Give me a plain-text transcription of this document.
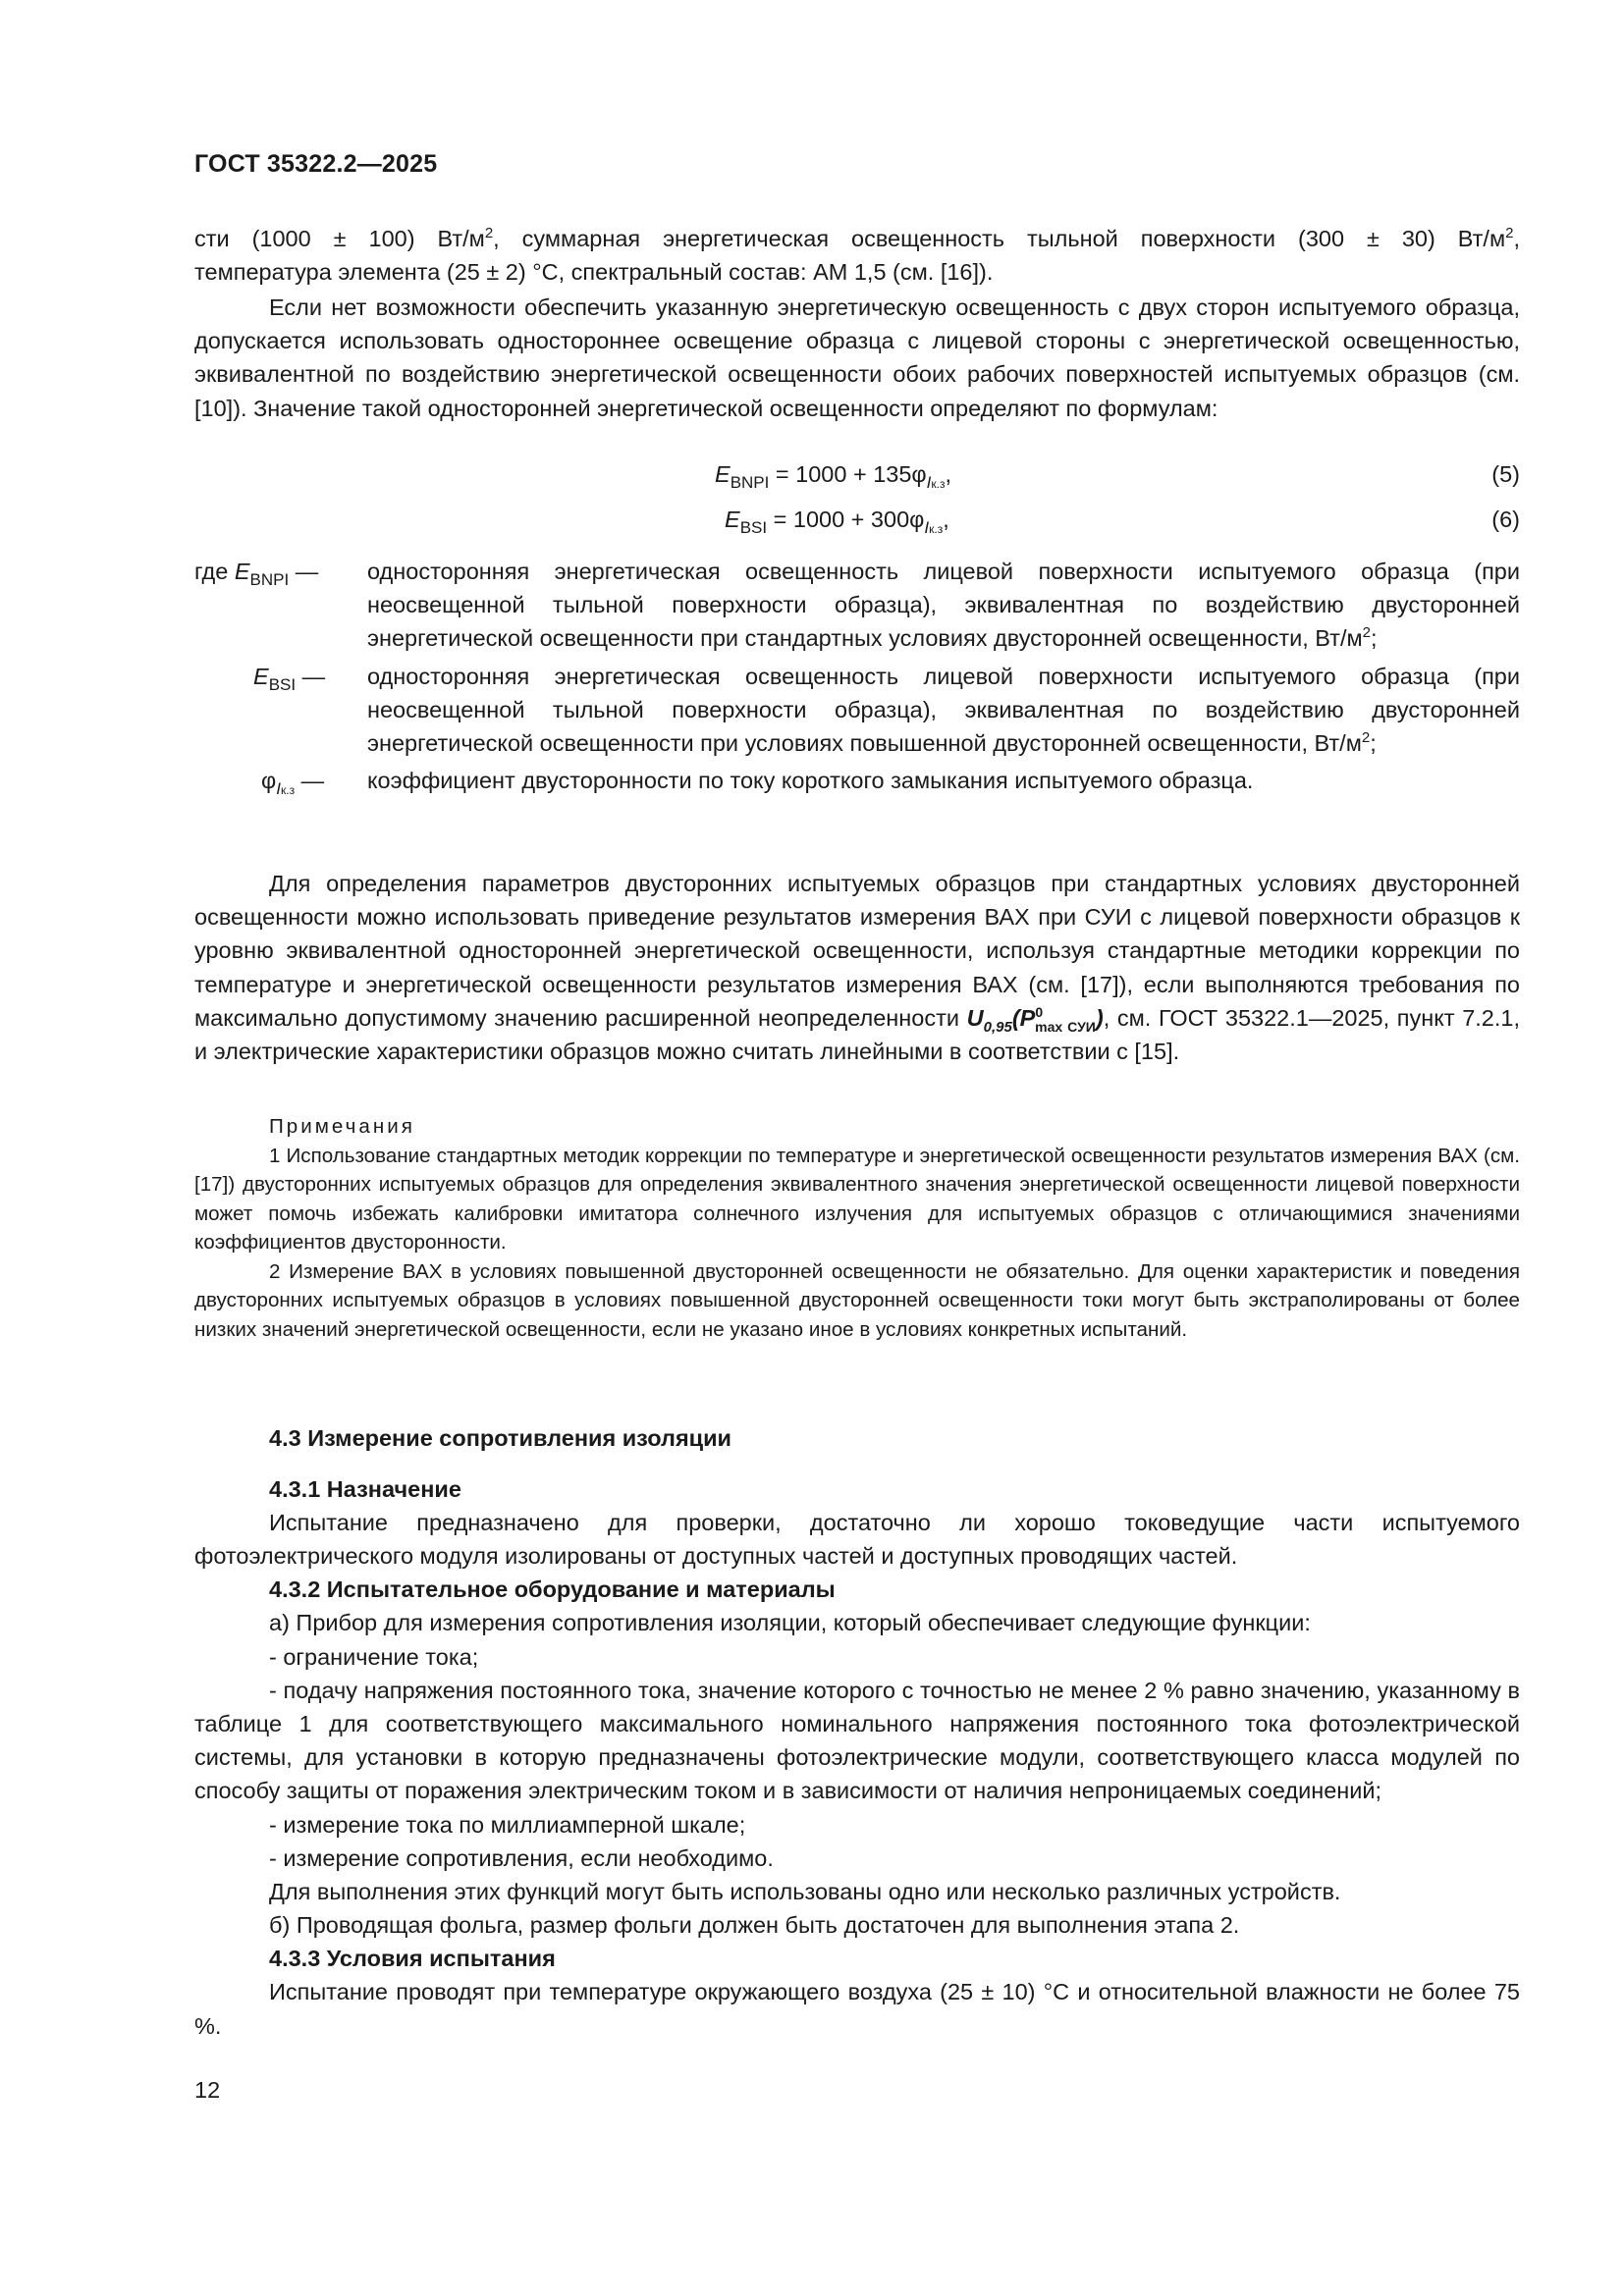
ГОСТ 35322.2—2025

сти (1000 ± 100) $Вт/м^2$, суммарная энергетическая освещенность тыльной поверхности (300 ± 30) $Вт/м^2$,

температура элемента (25 ± 2) °С, спектральный состав: АМ 1,5 (см. [16]).

Если нет возможности обеспечить указанную энергетическую освещенность с двух сторон испытуемого образца, допускается использовать одностороннее освещение образца с лицевой стороны с энергетической освещенностью, эквивалентной по воздействию энергетической освещенности обоих рабочих поверхностей испытуемых образцов (см. [10]). Значение такой односторонней энергетической освещенности определяют по формулам:

$E_{BNPI} = 1000 + 135\varphi_{Iк.з}$,	(5)
$E_{BSI} = 1000 + 300\varphi_{Iк.з}$,	(6)
где $E_{BNPI}$ — односторонняя энергетическая освещенность лицевой поверхности испытуемого образца (при неосвещенной тыльной поверхности образца), эквивалентная по воздействию двусторонней энергетической освещенности при стандартных условиях двусторонней освещенности, $Вт/м^2$;
$E_{BSI}$ — односторонняя энергетическая освещенность лицевой поверхности испытуемого образца (при неосвещенной тыльной поверхности образца), эквивалентная по воздействию двусторонней энергетической освещенности при условиях повышенной двусторонней освещенности, $Вт/м^2$;
$\varphi_{Iк.з}$ — коэффициент двусторонности по току короткого замыкания испытуемого образца.

Для определения параметров двусторонних испытуемых образцов при стандартных условиях двусторонней освещенности можно использовать приведение результатов измерения ВАХ при СУИ с лицевой поверхности образцов к уровню эквивалентной односторонней энергетической освещенности, используя стандартные методики коррекции по температуре и энергетической освещенности результатов измерения ВАХ (см. [17]), если выполняются требования по максимально допустимому значению расширенной неопределенности $U_{0,95}(P^0_{max СУИ})$, см. ГОСТ 35322.1—2025, пункт 7.2.1, и электрические характеристики образцов можно считать линейными в соответствии с [15].

Примечания

1 Использование стандартных методик коррекции по температуре и энергетической освещенности результатов измерения ВАХ (см. [17]) двусторонних испытуемых образцов для определения эквивалентного значения энергетической освещенности лицевой поверхности может помочь избежать калибровки имитатора солнечного излучения для испытуемых образцов с отличающимися значениями коэффициентов двусторонности.

2 Измерение ВАХ в условиях повышенной двусторонней освещенности не обязательно. Для оценки характеристик и поведения двусторонних испытуемых образцов в условиях повышенной двусторонней освещенности токи могут быть экстраполированы от более низких значений энергетической освещенности, если не указано иное в условиях конкретных испытаний.

4.3 Измерение сопротивления изоляции

4.3.1 Назначение

Испытание предназначено для проверки, достаточно ли хорошо токоведущие части испытуемого фотоэлектрического модуля изолированы от доступных частей и доступных проводящих частей.

4.3.2 Испытательное оборудование и материалы

а) Прибор для измерения сопротивления изоляции, который обеспечивает следующие функции:

- ограничение тока;

- подачу напряжения постоянного тока, значение которого с точностью не менее 2 % равно значению, указанному в таблице 1 для соответствующего максимального номинального напряжения постоянного тока фотоэлектрической системы, для установки в которую предназначены фотоэлектрические модули, соответствующего класса модулей по способу защиты от поражения электрическим током и в зависимости от наличия непроницаемых соединений;

- измерение тока по миллиамперной шкале;

- измерение сопротивления, если необходимо.

Для выполнения этих функций могут быть использованы одно или несколько различных устройств.

б) Проводящая фольга, размер фольги должен быть достаточен для выполнения этапа 2.

4.3.3 Условия испытания

Испытание проводят при температуре окружающего воздуха (25 ± 10) °С и относительной влажности не более 75 %.

12
